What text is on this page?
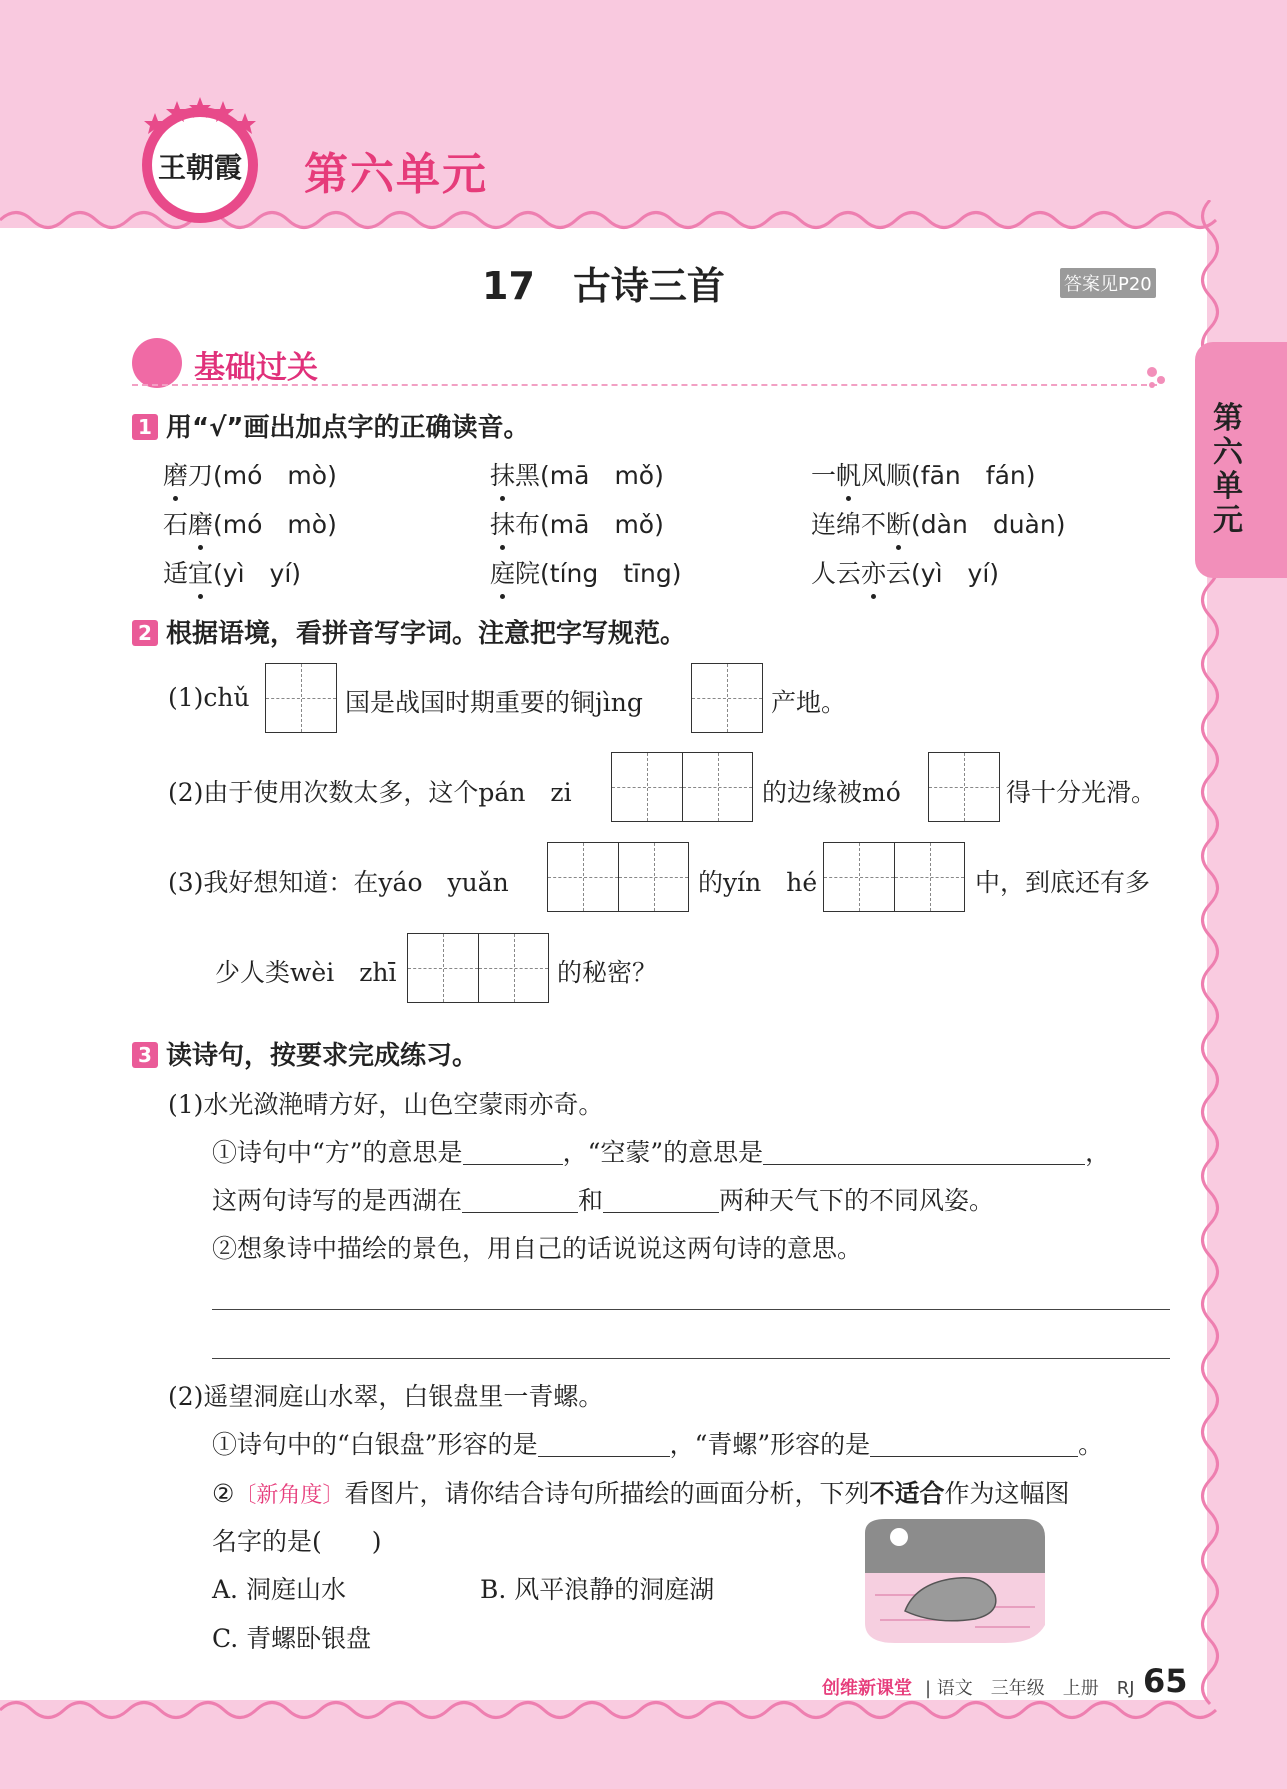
王朝霞 第六单元
17　古诗三首	答案见P20
第六单元
基础过关
1 用“√”画出加点字的正确读音。
磨刀(mó　mò)	抹黑(mā　mǒ)	一帆风顺(fān　fán)
石磨(mó　mò)	抹布(mā　mǒ)	连绵不断(dàn　duàn)
适宜(yì　yí)	庭院(tíng　tīng)	人云亦云(yì　yí)
2 根据语境，看拼音写字词。注意把字写规范。
(1)chǔ	国是战国时期重要的铜jìng	产地。
(2)由于使用次数太多，这个pán　zi	的边缘被mó	得十分光滑。
(3)我好想知道：在yáo　yuǎn	的yín　hé	中，到底还有多
少人类wèi　zhī	的秘密？
3 读诗句，按要求完成练习。
(1)水光潋滟晴方好，山色空蒙雨亦奇。
①诗句中“方”的意思是	，“空蒙”的意思是	，
这两句诗写的是西湖在	和	两种天气下的不同风姿。
②想象诗中描绘的景色，用自己的话说说这两句诗的意思。
(2)遥望洞庭山水翠，白银盘里一青螺。
①诗句中的“白银盘”形容的是	，“青螺”形容的是	。
②〔新角度〕看图片，请你结合诗句所描绘的画面分析，下列不适合作为这幅图
名字的是(　　)
A. 洞庭山水	B. 风平浪静的洞庭湖
C. 青螺卧银盘
创维新课堂 | 语文　三年级　上册　RJ 65
